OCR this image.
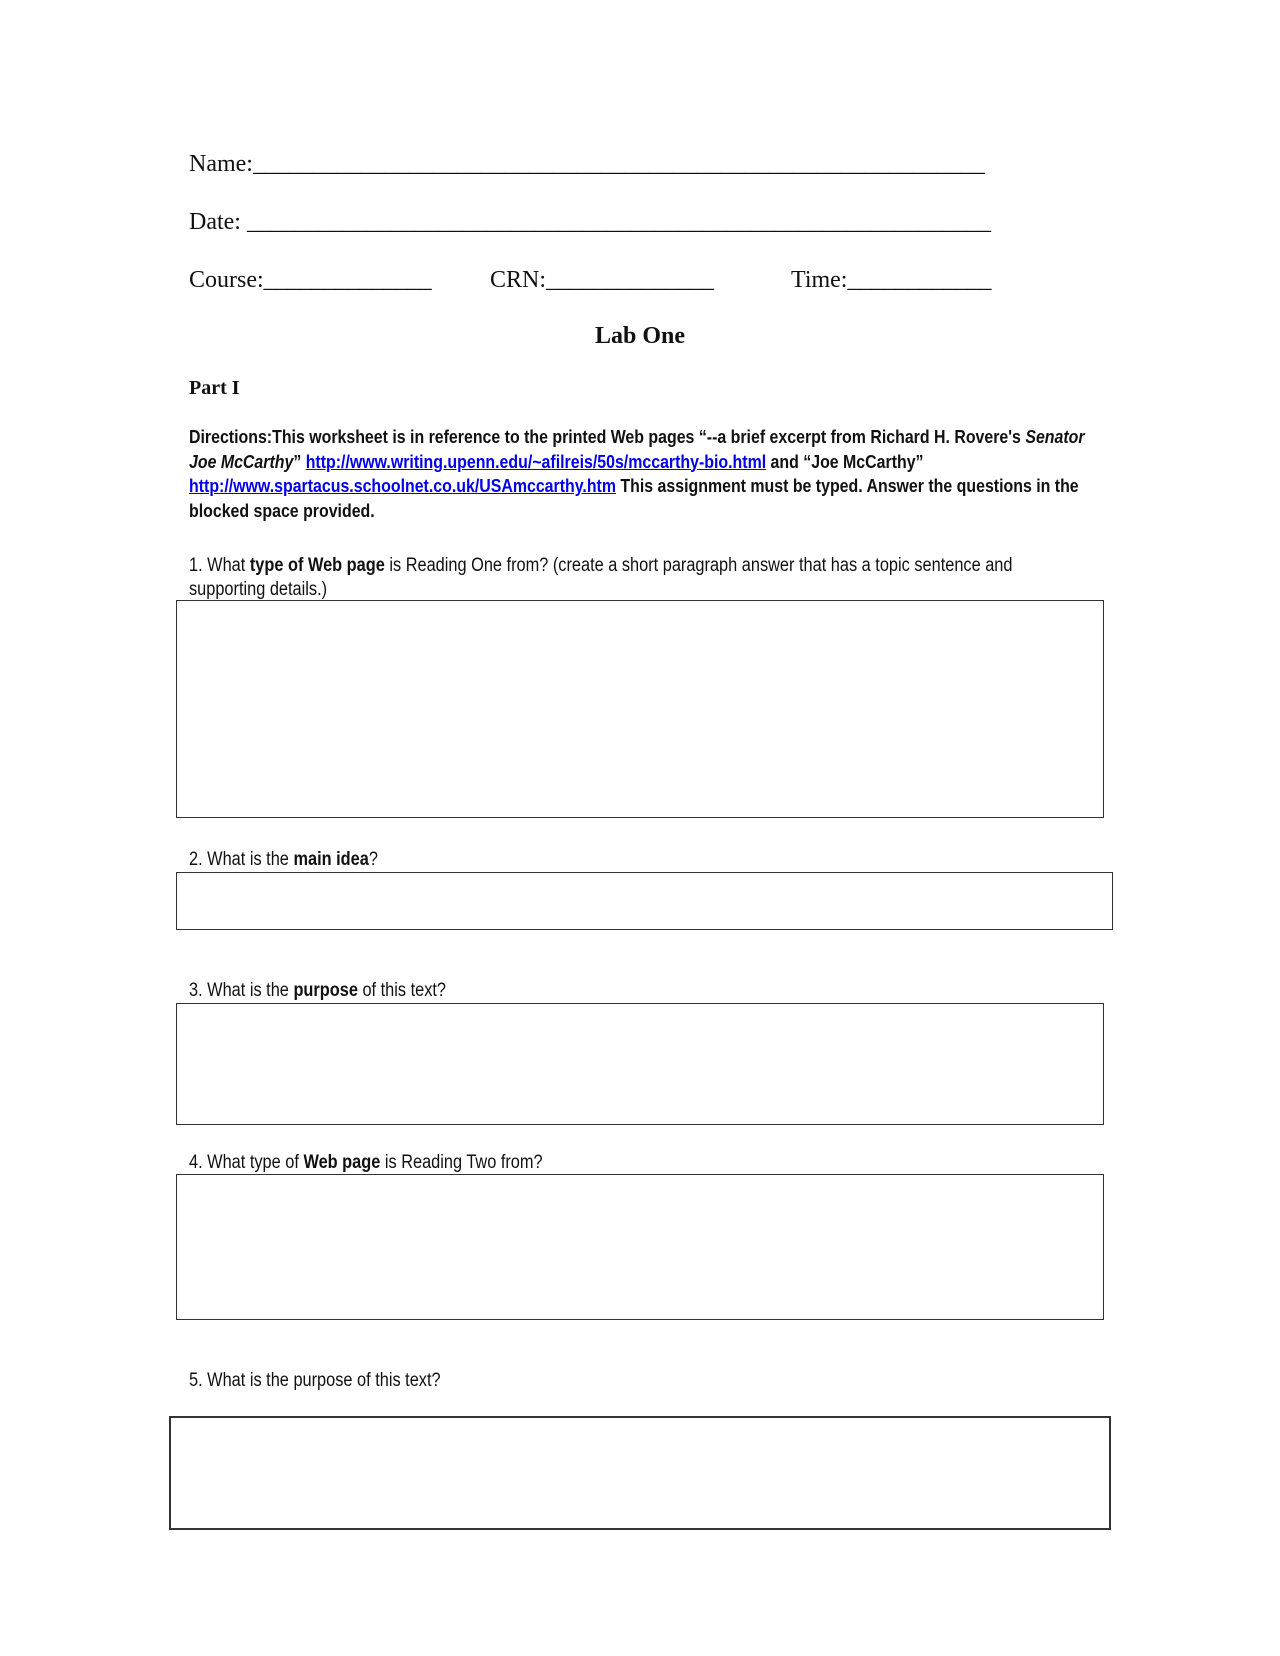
Name:_____________________________________________________________
Date: ______________________________________________________________
Course:______________ CRN:______________	Time:____________
Lab One
Part I
Directions:This worksheet is in reference to the printed Web pages “--a brief excerpt from Richard H. Rovere's Senator Joe McCarthy” http://www.writing.upenn.edu/~afilreis/50s/mccarthy-bio.html and “Joe McCarthy” http://www.spartacus.schoolnet.co.uk/USAmccarthy.htm This assignment must be typed. Answer the questions in the blocked space provided.
1. What type of Web page is Reading One from? (create a short paragraph answer that has a topic sentence and supporting details.)
2. What is the main idea?
3. What is the purpose of this text?
4. What type of Web page is Reading Two from?
5. What is the purpose of this text?
